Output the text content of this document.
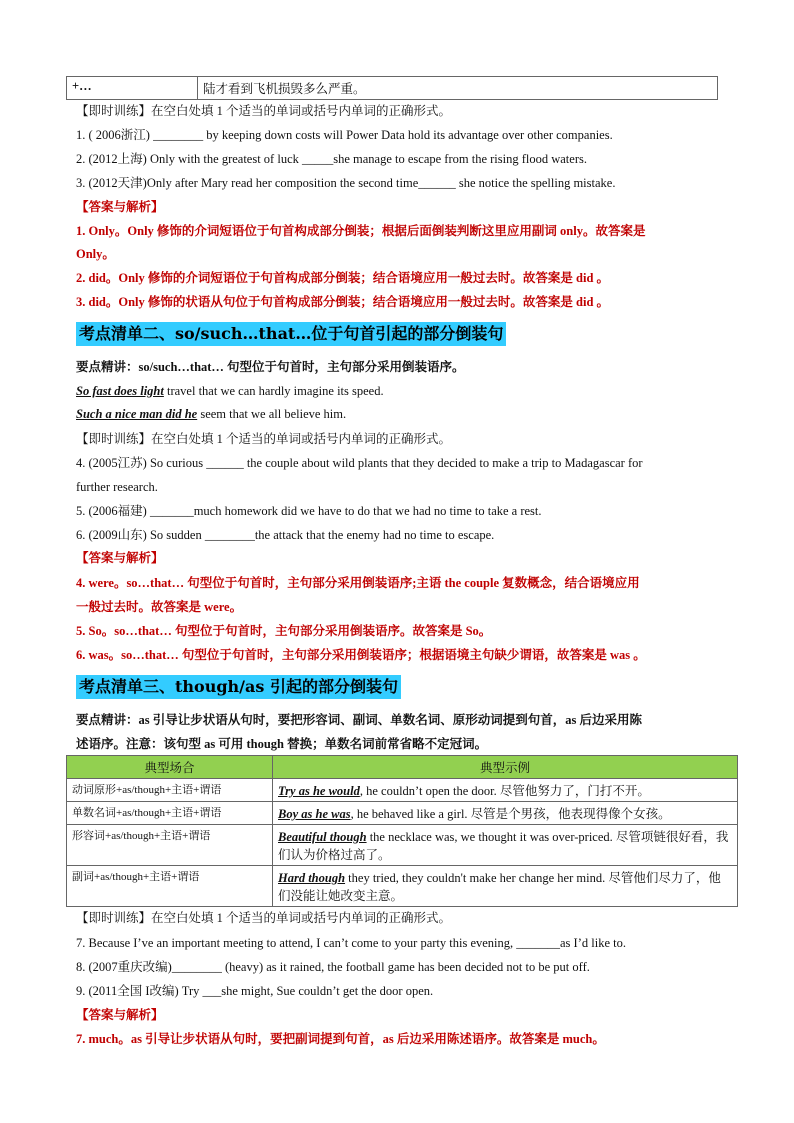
+…	陆才看到飞机损毁多么严重。
【即时训练】在空白处填 1 个适当的单词或括号内单词的正确形式。
1. ( 2006浙江) ________ by keeping down costs will Power Data hold its advantage over other companies.
2. (2012上海) Only with the greatest of luck _____she manage to escape from the rising flood waters.
3. (2012天津)Only after Mary read her composition the second time______ she notice the spelling mistake.
【答案与解析】
1. Only。Only 修饰的介词短语位于句首构成部分倒装；根据后面倒装判断这里应用副词 only。故答案是
Only。
2. did。Only 修饰的介词短语位于句首构成部分倒装；结合语境应用一般过去时。故答案是 did 。
3. did。Only 修饰的状语从句位于句首构成部分倒装；结合语境应用一般过去时。故答案是 did 。
考点清单二、so/such…that…位于句首引起的部分倒装句
要点精讲：so/such…that… 句型位于句首时，主句部分采用倒装语序。
So fast does light travel that we can hardly imagine its speed.
Such a nice man did he seem that we all believe him.
【即时训练】在空白处填 1 个适当的单词或括号内单词的正确形式。
4. (2005江苏) So curious ______ the couple about wild plants that they decided to make a trip to Madagascar for
further research.
5. (2006福建) _______much homework did we have to do that we had no time to take a rest.
6. (2009山东) So sudden ________the attack that the enemy had no time to escape.
【答案与解析】
4. were。so…that… 句型位于句首时，主句部分采用倒装语序;主语 the couple 复数概念，结合语境应用
一般过去时。故答案是 were。
5. So。so…that… 句型位于句首时，主句部分采用倒装语序。故答案是 So。
6. was。so…that… 句型位于句首时，主句部分采用倒装语序；根据语境主句缺少谓语，故答案是 was 。
考点清单三、though/as 引起的部分倒装句
要点精讲：as 引导让步状语从句时，要把形容词、副词、单数名词、原形动词提到句首，as 后边采用陈
述语序。注意：该句型 as 可用 though 替换；单数名词前常省略不定冠词。
典型场合	典型示例
动词原形+as/though+主语+谓语	Try as he would, he couldn’t open the door. 尽管他努力了，门打不开。
单数名词+as/though+主语+谓语	Boy as he was, he behaved like a girl. 尽管是个男孩，他表现得像个女孩。
形容词+as/though+主语+谓语	Beautiful though the necklace was, we thought it was over-priced. 尽管项链很好看，我们认为价格过高了。
副词+as/though+主语+谓语	Hard though they tried, they couldn't make her change her mind. 尽管他们尽力了，他们没能让她改变主意。
【即时训练】在空白处填 1 个适当的单词或括号内单词的正确形式。
7. Because I’ve an important meeting to attend, I can’t come to your party this evening, _______as I’d like to.
8. (2007重庆改编)________ (heavy) as it rained, the football game has been decided not to be put off.
9. (2011全国 I改编) Try ___she might, Sue couldn’t get the door open.
【答案与解析】
7. much。as 引导让步状语从句时，要把副词提到句首，as 后边采用陈述语序。故答案是 much。
